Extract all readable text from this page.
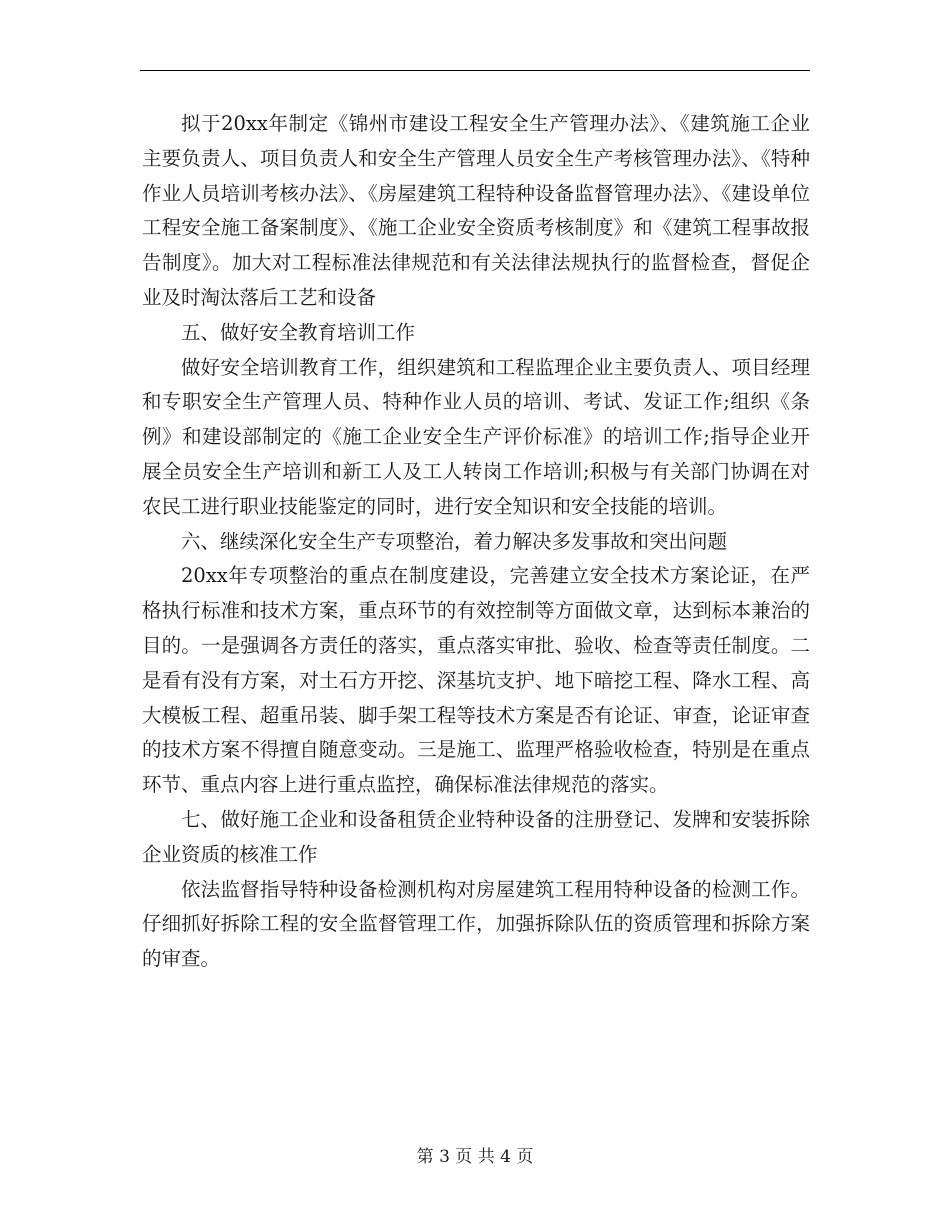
拟于20xx年制定《锦州市建设工程安全生产管理办法》、《建筑施工企业主要负责人、项目负责人和安全生产管理人员安全生产考核管理办法》、《特种作业人员培训考核办法》、《房屋建筑工程特种设备监督管理办法》、《建设单位工程安全施工备案制度》、《施工企业安全资质考核制度》和《建筑工程事故报告制度》。加大对工程标准法律规范和有关法律法规执行的监督检查，督促企业及时淘汰落后工艺和设备

五、做好安全教育培训工作

做好安全培训教育工作，组织建筑和工程监理企业主要负责人、项目经理和专职安全生产管理人员、特种作业人员的培训、考试、发证工作;组织《条例》和建设部制定的《施工企业安全生产评价标准》的培训工作;指导企业开展全员安全生产培训和新工人及工人转岗工作培训;积极与有关部门协调在对农民工进行职业技能鉴定的同时，进行安全知识和安全技能的培训。

六、继续深化安全生产专项整治，着力解决多发事故和突出问题

20xx年专项整治的重点在制度建设，完善建立安全技术方案论证，在严格执行标准和技术方案，重点环节的有效控制等方面做文章，达到标本兼治的目的。一是强调各方责任的落实，重点落实审批、验收、检查等责任制度。二是看有没有方案，对土石方开挖、深基坑支护、地下暗挖工程、降水工程、高大模板工程、超重吊装、脚手架工程等技术方案是否有论证、审查，论证审查的技术方案不得擅自随意变动。三是施工、监理严格验收检查，特别是在重点环节、重点内容上进行重点监控，确保标准法律规范的落实。

七、做好施工企业和设备租赁企业特种设备的注册登记、发牌和安装拆除企业资质的核准工作

依法监督指导特种设备检测机构对房屋建筑工程用特种设备的检测工作。仔细抓好拆除工程的安全监督管理工作，加强拆除队伍的资质管理和拆除方案的审查。

第 3 页 共 4 页
